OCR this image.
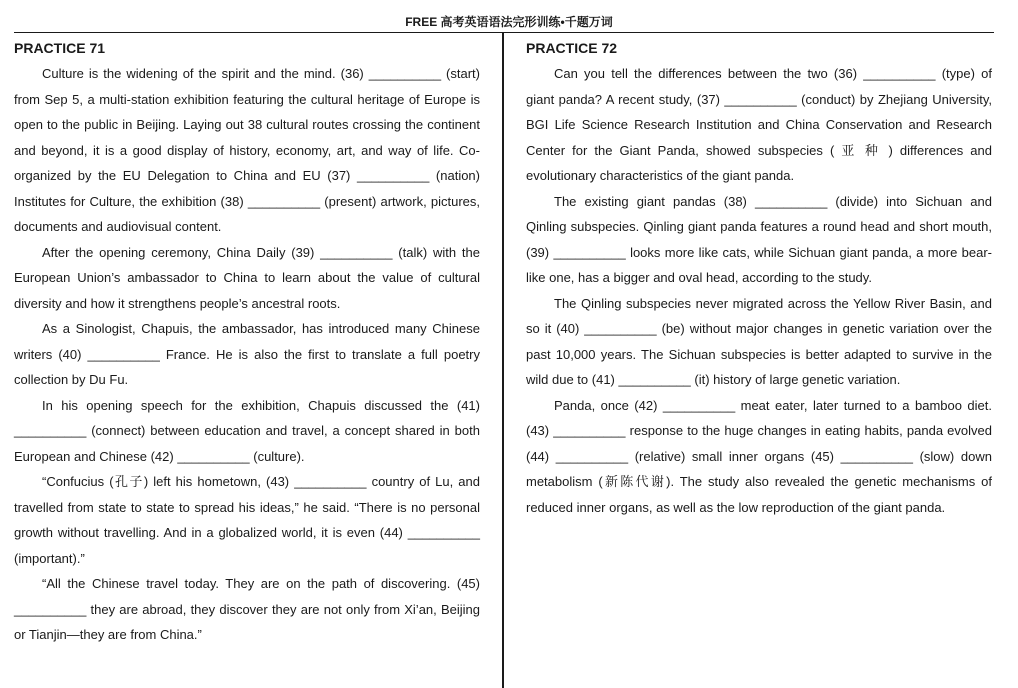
FREE 高考英语语法完形训练•千题万词
PRACTICE 71

Culture is the widening of the spirit and the mind. (36) __________ (start) from Sep 5, a multi-station exhibition featuring the cultural heritage of Europe is open to the public in Beijing. Laying out 38 cultural routes crossing the continent and beyond, it is a good display of history, economy, art, and way of life. Co-organized by the EU Delegation to China and EU (37) __________ (nation) Institutes for Culture, the exhibition (38) __________ (present) artwork, pictures, documents and audiovisual content.

After the opening ceremony, China Daily (39) __________ (talk) with the European Union’s ambassador to China to learn about the value of cultural diversity and how it strengthens people’s ancestral roots.

As a Sinologist, Chapuis, the ambassador, has introduced many Chinese writers (40) __________ France. He is also the first to translate a full poetry collection by Du Fu.

In his opening speech for the exhibition, Chapuis discussed the (41) __________ (connect) between education and travel, a concept shared in both European and Chinese (42) __________ (culture).

“Confucius (孔子) left his hometown, (43) __________ country of Lu, and travelled from state to state to spread his ideas,” he said. “There is no personal growth without travelling. And in a globalized world, it is even (44) __________ (important).”

“All the Chinese travel today. They are on the path of discovering. (45) __________ they are abroad, they discover they are not only from Xi’an, Beijing or Tianjin—they are from China.”

PRACTICE 72

Can you tell the differences between the two (36) __________ (type) of giant panda? A recent study, (37) __________ (conduct) by Zhejiang University, BGI Life Science Research Institution and China Conservation and Research Center for the Giant Panda, showed subspecies ( 亚 种 ) differences and evolutionary characteristics of the giant panda.

The existing giant pandas (38) __________ (divide) into Sichuan and Qinling subspecies. Qinling giant panda features a round head and short mouth, (39) __________ looks more like cats, while Sichuan giant panda, a more bear-like one, has a bigger and oval head, according to the study.

The Qinling subspecies never migrated across the Yellow River Basin, and so it (40) __________ (be) without major changes in genetic variation over the past 10,000 years. The Sichuan subspecies is better adapted to survive in the wild due to (41) __________ (it) history of large genetic variation.

Panda, once (42) __________ meat eater, later turned to a bamboo diet. (43) __________ response to the huge changes in eating habits, panda evolved (44) __________ (relative) small inner organs (45) __________ (slow) down metabolism (新陈代谢). The study also revealed the genetic mechanisms of reduced inner organs, as well as the low reproduction of the giant panda.
